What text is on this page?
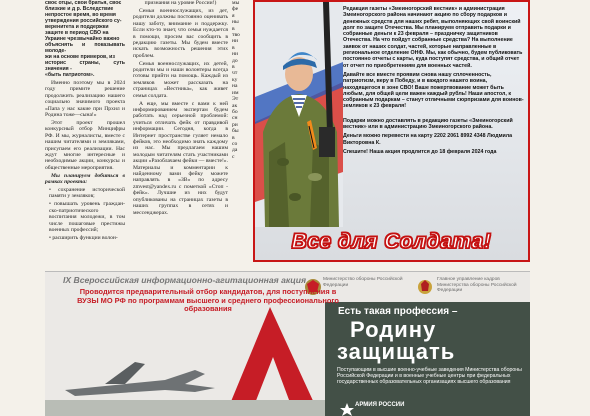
своє отцы, свои братья, своє
близкие и д р. Вследствие
непростое время, во время
утверждения российского су-
веренитета и поддержки
защите в период СВО на
Украине чрезвычайно важно
объяснять и показывать молоде-
жи на основе примеров, из
историс страны, суть значения -
«быть патриотом».

Именно поэтому мы в 2024 году примите решение продолжить реализацию нашего социально значимого проекта «Папа у нас какие при Прхил и Родина тоже—сына!»

Этот проект прошел конкурсный отбор Минцифры РФ. И мы, журналисты, вместе с нашим читателями и земляками, присупаем его реализации. Нас ждут многие интересные и необходимые акции, конкурсы и общественные мероприятия.

Мы планируем добиться в рамках проекта:

• сохранение исторической памяти у земляков;

• повышать уровень граждан-ско-патриотического воспитания молодежи, в том числе пошаговые престижы военных профессий;

• расширить функции волон-

признания на уровне России!)

Семьи военнослужащих, из дет, родители должны постоянно оценивать нашу заботу, внимание и поддержку. Если кто-то знает, что семья нуждается в помощи, просим вас сообщить в редакцию газеты. Мы будем вместе искать возможность решения этих проблем.

Семья военнослужащих, их детей, родители мы и наши волонтеры всегда готовы прийти на помощь. Каждый из земляков может рассказать на страницах «Вестника», как живет семья солдата.

А еще, мы вместе с вами к ней информированием экспертам будем работать над серьезной проблемой: учиться отличать фейк от правдивой информации. Сегодня, когда в Интернет пространстве гуляет немало фейков, это необходимо знать каждому из нас. Мы предлагаем нашим молодым читателям стать участниками акции «Разоблачаем фейки — вместе!». Материалы и комментарии к найденному вами фейку можете направлять в «ЗВ» по адресу zmvest@yandex.ru с пометкой «Стоп - фейк». Лучшие из них будут опубликованы на страницах газеты в наших группах в сетях и мессенджерах.

мы
фе
я
ны
в
тво
ни
в
ни
до
в
чт
ку
на
им
Эт
ак
бо
сн
ри
бы
в
со
да
с

Редакция газеты «Змеиногорский вестник» и администрация Змеиногорского района начинают акцию по сбору подарков и денежных средств для наших ребят, выполняющих свой воинский долг по защите Отечества. Мы планируем отправить подарки и собранные деньги к 23 февраля – праздничку защитников Отечества. На что пойдут собранные средства? На выполнение заявок от наших солдат, частей, которые направленные в региональное отделение ОНФ. Мы, как обычно, будем публиковать постоянно отчеты с карты, куда поступят средства, и общий отчет от отчет по приобретениям для военных частей.

Давайте все вместе проявим снова нашу сплоченность, патриотизм, веру в Победу, и в каждого нашего воина, находящегося в зоне СВО! Ваше пожертвование может быть любым, для общей цели важен каждый рубль! Наши апостол, к собранным подаркам – станут отличными сюрпризами для воинов-земляков к 23 февраля!

Подарки можно доставлять в редакцию газеты «Змеиногорский вестник» или в администрацию Змеиногорского района.

Деньги можно перевести на карту 2202 2061 8992 4348 Людмила Викторовна К.

Спешите! Наша акция продлится до 18 февраля 2024 года

Все для Солдата!
IX Всероссийская информационно-агитационная акция
Проводится предварительный отбор кандидатов, для поступления в ВУЗЫ МО РФ по программам высшего и среднего профессионального образования
Министерство обороны Российской Федерации
Главное управление кадров Министерства обороны Российской Федерации
Есть такая профессия –
Родину
защищать
Поступающим в высшие военно-учебные заведения Министерства обороны Российской Федерации и в военные учебные центры при федеральных государственных образовательных организациях высшего образования
АРМИЯ РОССИИ
